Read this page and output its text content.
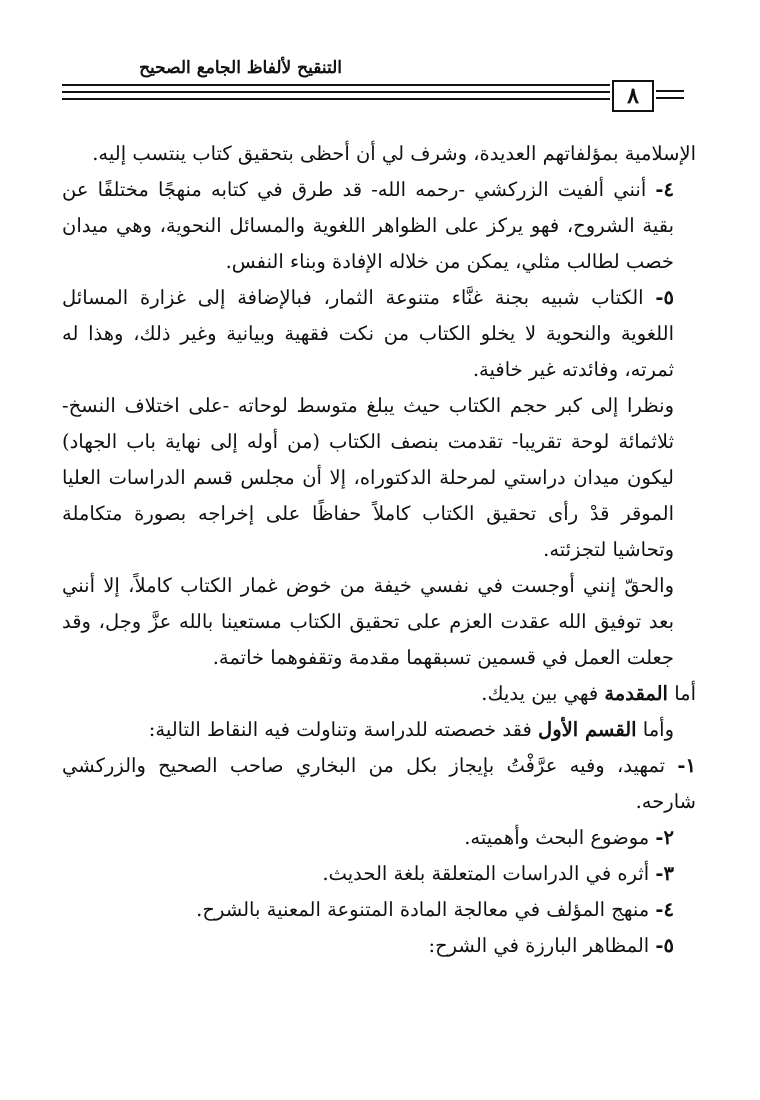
التنقيح لألفاظ الجامع الصحيح
٨

الإسلامية بمؤلفاتهم العديدة، وشرف لي أن أحظى بتحقيق كتاب ينتسب إليه.

٤- أنني ألفيت الزركشي -رحمه الله- قد طرق في كتابه منهجًا مختلفًا عن بقية الشروح، فهو يركز على الظواهر اللغوية والمسائل النحوية، وهي ميدان خصب لطالب مثلي، يمكن من خلاله الإفادة وبناء النفس.

٥- الكتاب شبيه بجنة غنَّاء متنوعة الثمار، فبالإضافة إلى غزارة المسائل اللغوية والنحوية لا يخلو الكتاب من نكت فقهية وبيانية وغير ذلك، وهذا له ثمرته، وفائدته غير خافية.

ونظرا إلى كبر حجم الكتاب حيث يبلغ متوسط لوحاته -على اختلاف النسخ- ثلاثمائة لوحة تقريبا- تقدمت بنصف الكتاب (من أوله إلى نهاية باب الجهاد) ليكون ميدان دراستي لمرحلة الدكتوراه، إلا أن مجلس قسم الدراسات العليا الموقر قدْ رأى تحقيق الكتاب كاملاً حفاظًا على إخراجه بصورة متكاملة وتحاشيا لتجزئته.

والحقّ إنني أوجست في نفسي خيفة من خوض غمار الكتاب كاملاً، إلا أنني بعد توفيق الله عقدت العزم على تحقيق الكتاب مستعينا بالله عزَّ وجل، وقد جعلت العمل في قسمين تسبقهما مقدمة وتقفوهما خاتمة.

أما المقدمة فهي بين يديك.

وأما القسم الأول فقد خصصته للدراسة وتناولت فيه النقاط التالية:

١- تمهيد، وفيه عرَّفْتُ بإيجاز بكل من البخاري صاحب الصحيح والزركشي شارحه.

٢- موضوع البحث وأهميته.

٣- أثره في الدراسات المتعلقة بلغة الحديث.

٤- منهج المؤلف في معالجة المادة المتنوعة المعنية بالشرح.

٥- المظاهر البارزة في الشرح:
